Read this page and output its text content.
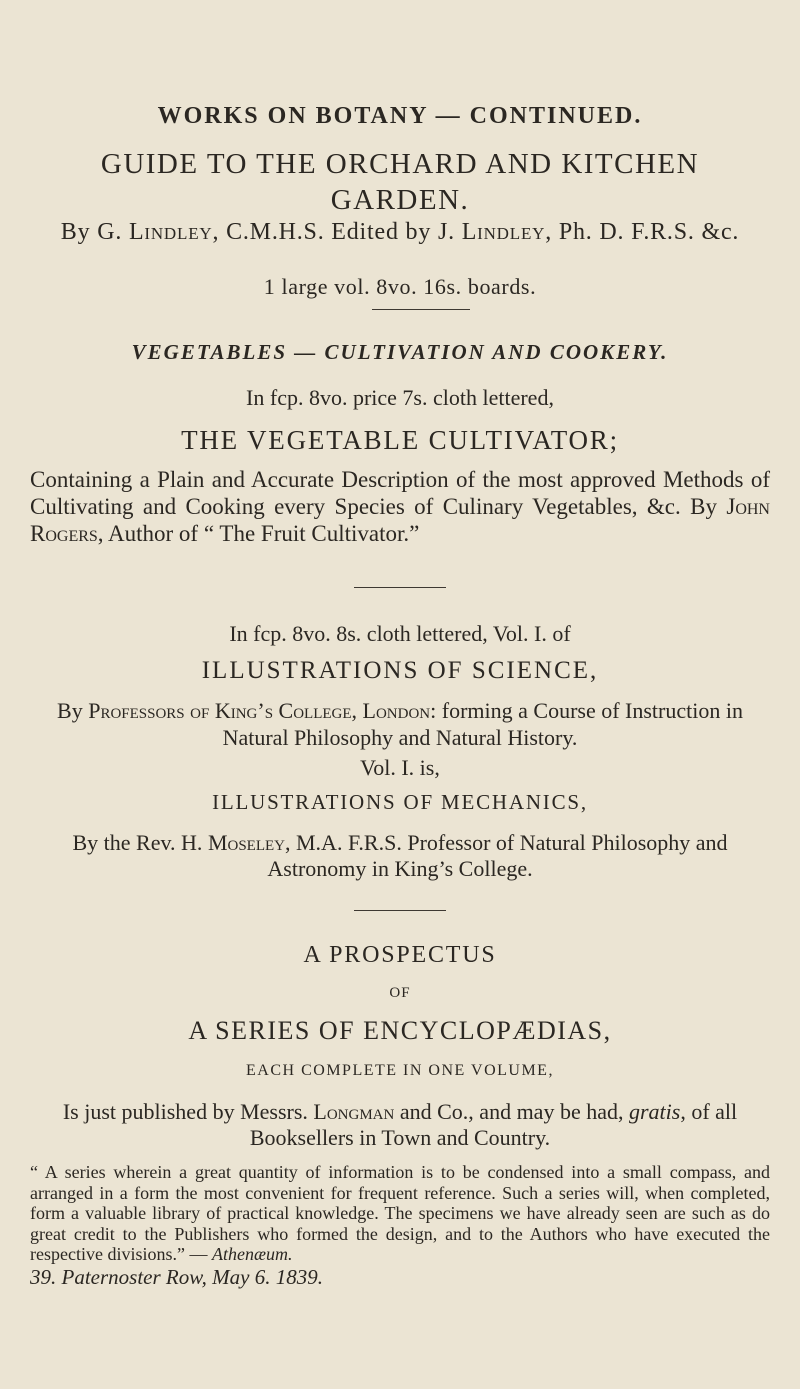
WORKS ON BOTANY — CONTINUED.
GUIDE TO THE ORCHARD AND KITCHEN GARDEN.
By G. Lindley, C.M.H.S. Edited by J. Lindley, Ph. D. F.R.S. &c.
1 large vol. 8vo. 16s. boards.
VEGETABLES — CULTIVATION AND COOKERY.
In fcp. 8vo. price 7s. cloth lettered,
THE VEGETABLE CULTIVATOR;
Containing a Plain and Accurate Description of the most approved Methods of Cultivating and Cooking every Species of Culinary Vegetables, &c. By John Rogers, Author of “ The Fruit Cultivator.”
In fcp. 8vo. 8s. cloth lettered, Vol. I. of
ILLUSTRATIONS OF SCIENCE,
By Professors of King’s College, London: forming a Course of Instruction in Natural Philosophy and Natural History.
Vol. I. is,
ILLUSTRATIONS OF MECHANICS,
By the Rev. H. Moseley, M.A. F.R.S. Professor of Natural Philosophy and Astronomy in King’s College.
A PROSPECTUS
OF
A SERIES OF ENCYCLOPÆDIAS,
EACH COMPLETE IN ONE VOLUME,
Is just published by Messrs. Longman and Co., and may be had, gratis, of all Booksellers in Town and Country.
“ A series wherein a great quantity of information is to be condensed into a small compass, and arranged in a form the most convenient for frequent reference. Such a series will, when completed, form a valuable library of practical knowledge. The specimens we have already seen are such as do great credit to the Publishers who formed the design, and to the Authors who have executed the respective divisions.” — Athenæum.
39. Paternoster Row, May 6. 1839.
